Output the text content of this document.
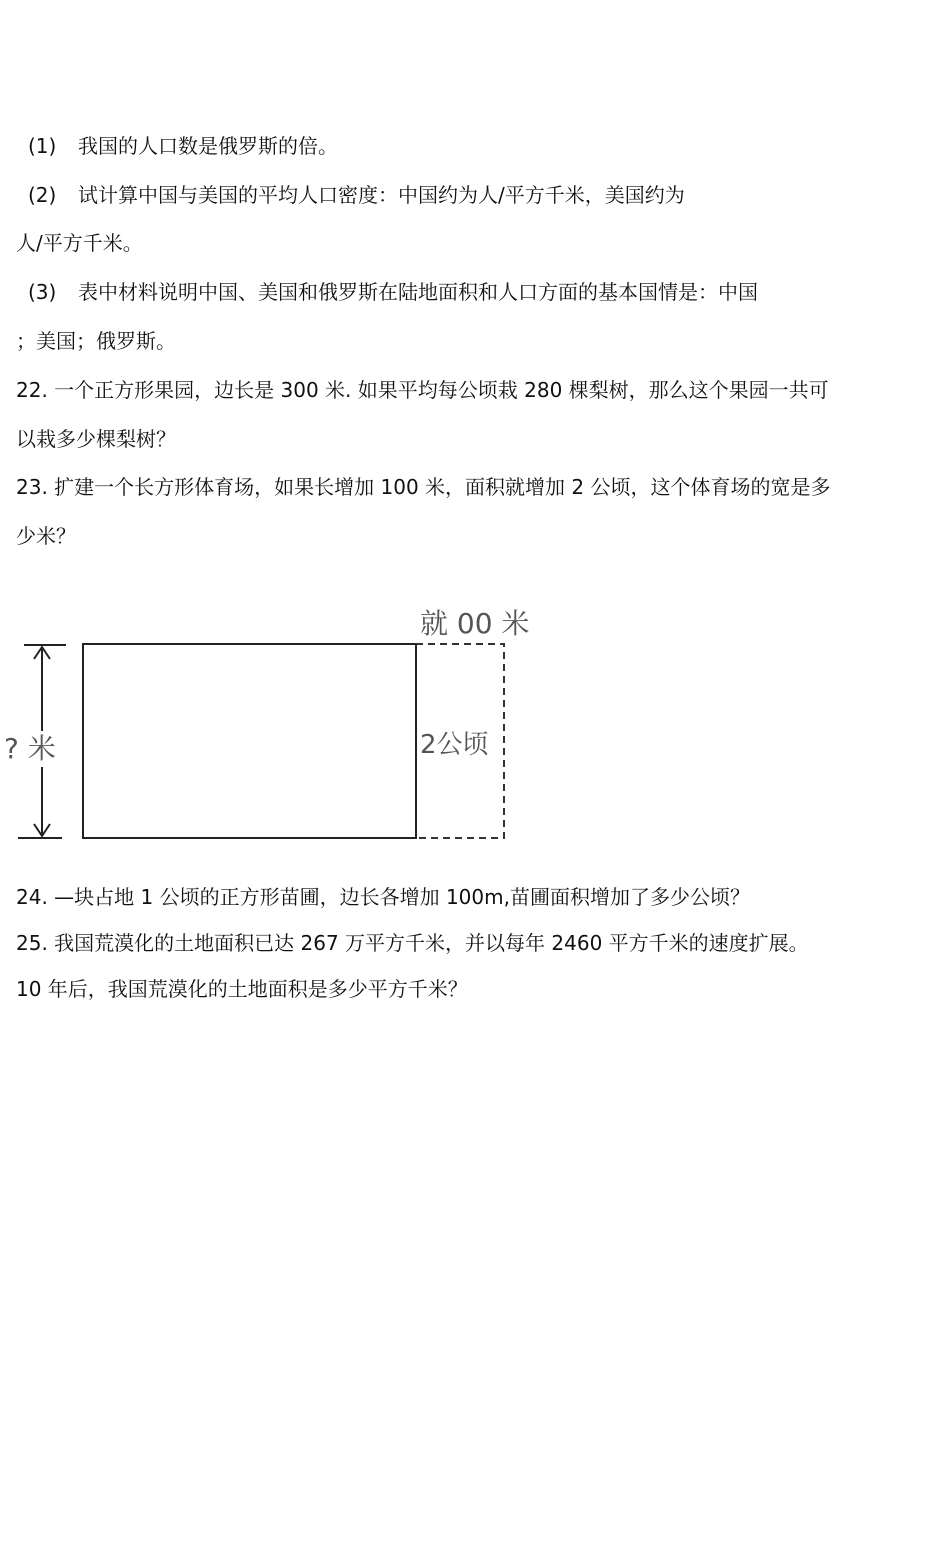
(1) 我国的人口数是俄罗斯的倍。
(2) 试计算中国与美国的平均人口密度：中国约为人/平方千米，美国约为
人/平方千米。
(3) 表中材料说明中国、美国和俄罗斯在陆地面积和人口方面的基本国情是：中国
；美国；俄罗斯。
22. 一个正方形果园，边长是 300 米. 如果平均每公顷栽 280 棵梨树，那么这个果园一共可
以栽多少棵梨树？
23. 扩建一个长方形体育场，如果长增加 100 米，面积就增加 2 公顷，这个体育场的宽是多
少米？
就 00 米
? 米	2公顷
24. —块占地 1 公顷的正方形苗圃，边长各增加 100m,苗圃面积增加了多少公顷？
25. 我国荒漠化的土地面积已达 267 万平方千米，并以每年 2460 平方千米的速度扩展。
10 年后，我国荒漠化的土地面积是多少平方千米？
